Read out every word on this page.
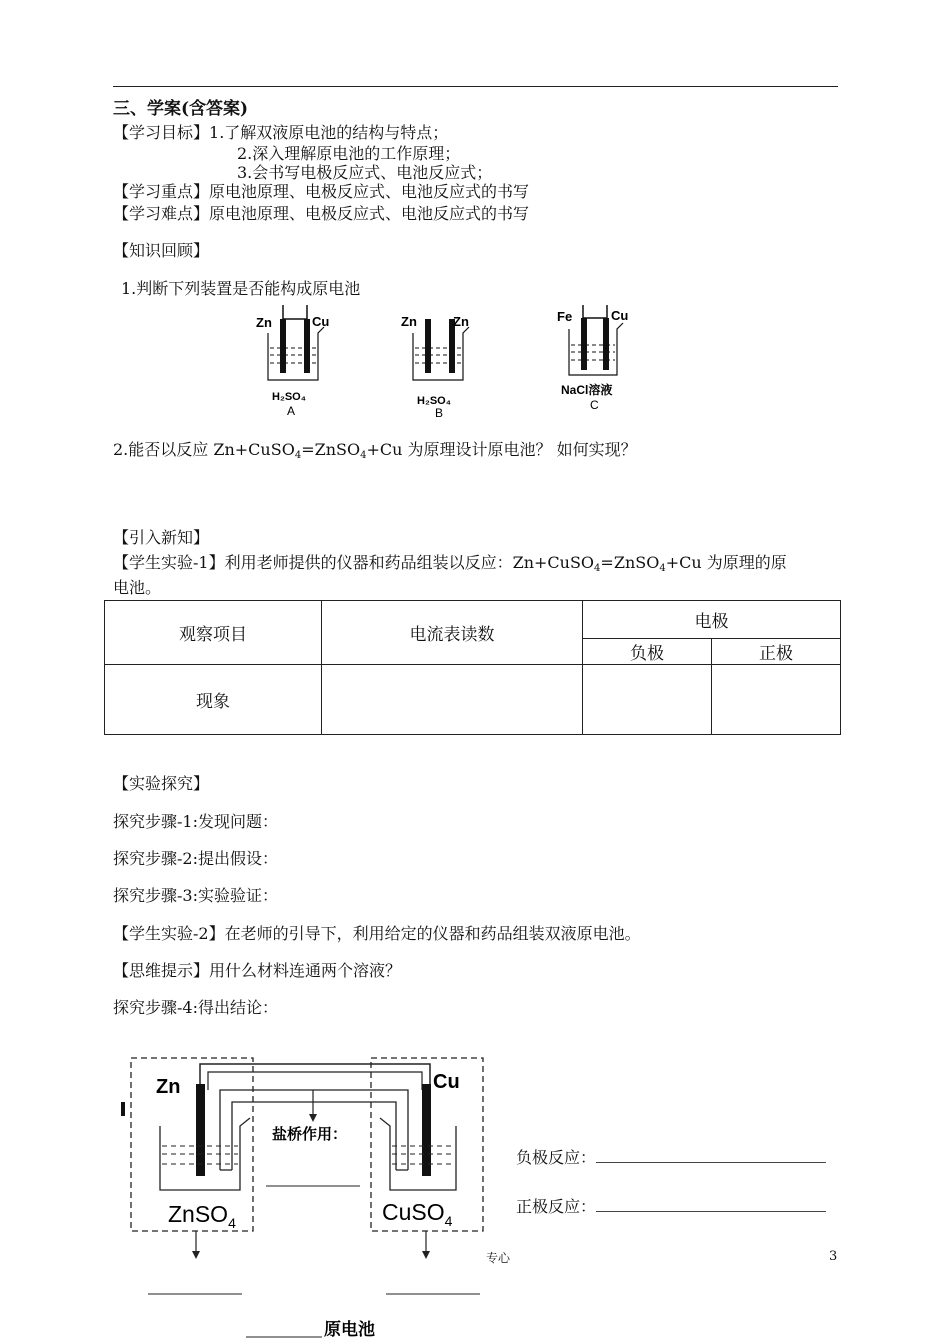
三、学案(含答案)
【学习目标】1.了解双液原电池的结构与特点；
2.深入理解原电池的工作原理；
3.会书写电极反应式、电池反应式；
【学习重点】原电池原理、电极反应式、电池反应式的书写
【学习难点】原电池原理、电极反应式、电池反应式的书写
【知识回顾】
1.判断下列装置是否能构成原电池
Zn	Cu
H₂SO₄
A
Zn	Zn
H₂SO₄
B
Fe	Cu
NaCl溶液
C
2.能否以反应 Zn+CuSO4=ZnSO4+Cu 为原理设计原电池？ 如何实现？
【引入新知】
【学生实验-1】利用老师提供的仪器和药品组装以反应：Zn+CuSO4=ZnSO4+Cu 为原理的原
电池。
观察项目	电流表读数	电极	
		负极	正极
现象			
【实验探究】
探究步骤-1:发现问题：
探究步骤-2:提出假设：
探究步骤-3:实验验证：
【学生实验-2】在老师的引导下，利用给定的仪器和药品组装双液原电池。
【思维提示】用什么材料连通两个溶液？
探究步骤-4:得出结论：
Zn	Cu
盐桥作用：
ZnSO$_4$	CuSO$_4$
原电池
负极反应：
正极反应：
专心	3
